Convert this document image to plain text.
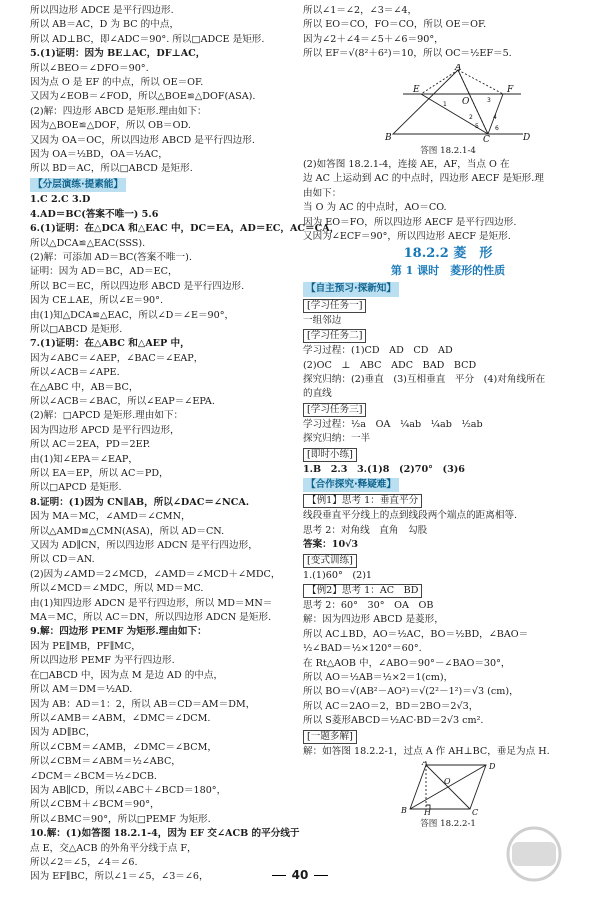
所以四边形 ADCE 是平行四边形.

所以 AB＝AC，D 为 BC 的中点，

所以 AD⊥BC，即∠ADC＝90°. 所以□ADCE 是矩形.

5.(1)证明：因为 BE⊥AC，DF⊥AC，

所以∠BEO＝∠DFO＝90°.

因为点 O 是 EF 的中点，所以 OE＝OF.

又因为∠EOB＝∠FOD，所以△BOE≌△DOF(ASA).

(2)解：四边形 ABCD 是矩形.理由如下：

因为△BOE≌△DOF，所以 OB＝OD.

又因为 OA＝OC，所以四边形 ABCD 是平行四边形.

因为 OA＝½BD，OA＝½AC，

所以 BD＝AC，所以□ABCD 是矩形.

【分层演练·提素能】

1.C 2.C 3.D

4.AD＝BC(答案不唯一) 5.6

6.(1)证明：在△DCA 和△EAC 中，DC＝EA，AD＝EC，AC＝CA，

所以△DCA≌△EAC(SSS).

(2)解：可添加 AD＝BC(答案不唯一).

证明：因为 AD＝BC，AD＝EC，

所以 BC＝EC，所以四边形 ABCD 是平行四边形.

因为 CE⊥AE，所以∠E＝90°.

由(1)知△DCA≌△EAC，所以∠D＝∠E＝90°，

所以□ABCD 是矩形.

7.(1)证明：在△ABC 和△AEP 中，

因为∠ABC＝∠AEP，∠BAC＝∠EAP，

所以∠ACB＝∠APE.

在△ABC 中，AB＝BC，

所以∠ACB＝∠BAC，所以∠EAP＝∠EPA.

(2)解：□APCD 是矩形.理由如下：

因为四边形 APCD 是平行四边形，

所以 AC＝2EA，PD＝2EP.

由(1)知∠EPA＝∠EAP，

所以 EA＝EP，所以 AC＝PD，

所以□APCD 是矩形.

8.证明：(1)因为 CN∥AB，所以∠DAC＝∠NCA.

因为 MA＝MC，∠AMD＝∠CMN，

所以△AMD≌△CMN(ASA)，所以 AD＝CN.

又因为 AD∥CN，所以四边形 ADCN 是平行四边形，

所以 CD＝AN.

(2)因为∠AMD＝2∠MCD，∠AMD＝∠MCD＋∠MDC，

所以∠MCD＝∠MDC，所以 MD＝MC.

由(1)知四边形 ADCN 是平行四边形，所以 MD＝MN＝

MA＝MC，所以 AC＝DN，所以四边形 ADCN 是矩形.

9.解：四边形 PEMF 为矩形.理由如下：

因为 PE∥MB，PF∥MC，

所以四边形 PEMF 为平行四边形.

在□ABCD 中，因为点 M 是边 AD 的中点，

所以 AM＝DM＝½AD.

因为 AB：AD＝1：2，所以 AB＝CD＝AM＝DM，

所以∠AMB＝∠ABM，∠DMC＝∠DCM.

因为 AD∥BC，

所以∠CBM＝∠AMB，∠DMC＝∠BCM，

所以∠CBM＝∠ABM＝½∠ABC，

∠DCM＝∠BCM＝½∠DCB.

因为 AB∥CD，所以∠ABC＋∠BCD＝180°，

所以∠CBM＋∠BCM＝90°，

所以∠BMC＝90°，所以□PEMF 为矩形.

10.解：(1)如答图 18.2.1-4，因为 EF 交∠ACB 的平分线于

点 E，交△ACB 的外角平分线于点 F，

所以∠2＝∠5，∠4＝∠6.

因为 EF∥BC，所以∠1＝∠5，∠3＝∠6，

所以∠1＝∠2，∠3＝∠4，

所以 EO＝CO，FO＝CO，所以 OE＝OF.

因为∠2＋∠4＝∠5＋∠6＝90°，

所以 EF＝√(8²＋6²)＝10，所以 OC＝½EF＝5.

A
E
O
F
B	C	D
1
2
3
4
5	6

答图 18.2.1-4

(2)如答图 18.2.1-4，连接 AE，AF，当点 O 在

边 AC 上运动到 AC 的中点时，四边形 AECF 是矩形.理

由如下：

当 O 为 AC 的中点时，AO＝CO.

因为 EO＝FO，所以四边形 AECF 是平行四边形.

又因为∠ECF＝90°，所以四边形 AECF 是矩形.

18.2.2 菱　形
第 1 课时　菱形的性质

【自主预习·探新知】

[学习任务一]

一组邻边

[学习任务二]

学习过程：(1)CD　AD　CD　AD

(2)OC　⊥　ABC　ADC　BAD　BCD

探究归纳：(2)垂直　(3)互相垂直　平分　(4)对角线所在

的直线

[学习任务三]

学习过程：½a　OA　¼ab　¼ab　½ab

探究归纳：一半

[即时小练]

1.B　2.3　3.(1)8　(2)70°　(3)6

【合作探究·释疑难】

【例1】思考 1：垂直平分

线段垂直平分线上的点到线段两个端点的距离相等.

思考 2：对角线　直角　勾股

答案：10√3

[变式训练]

1.(1)60°　(2)1

【例2】思考 1：AC　BD

思考 2：60°　30°　OA　OB

解：因为四边形 ABCD 是菱形，

所以 AC⊥BD，AO＝½AC，BO＝½BD，∠BAO＝

½∠BAD＝½×120°＝60°.

在 Rt△AOB 中，∠ABO＝90°－∠BAO＝30°，

所以 AO＝½AB＝½×2＝1(cm)，

所以 BO＝√(AB²－AO²)＝√(2²－1²)＝√3 (cm)，

所以 AC＝2AO＝2，BD＝2BO＝2√3，

所以 S菱形ABCD＝½AC·BD＝2√3 cm².

[一题多解]

解：如答图 18.2.2-1，过点 A 作 AH⊥BC，垂足为点 H.

A
B
O
D
H	C

答图 18.2.2-1

40
